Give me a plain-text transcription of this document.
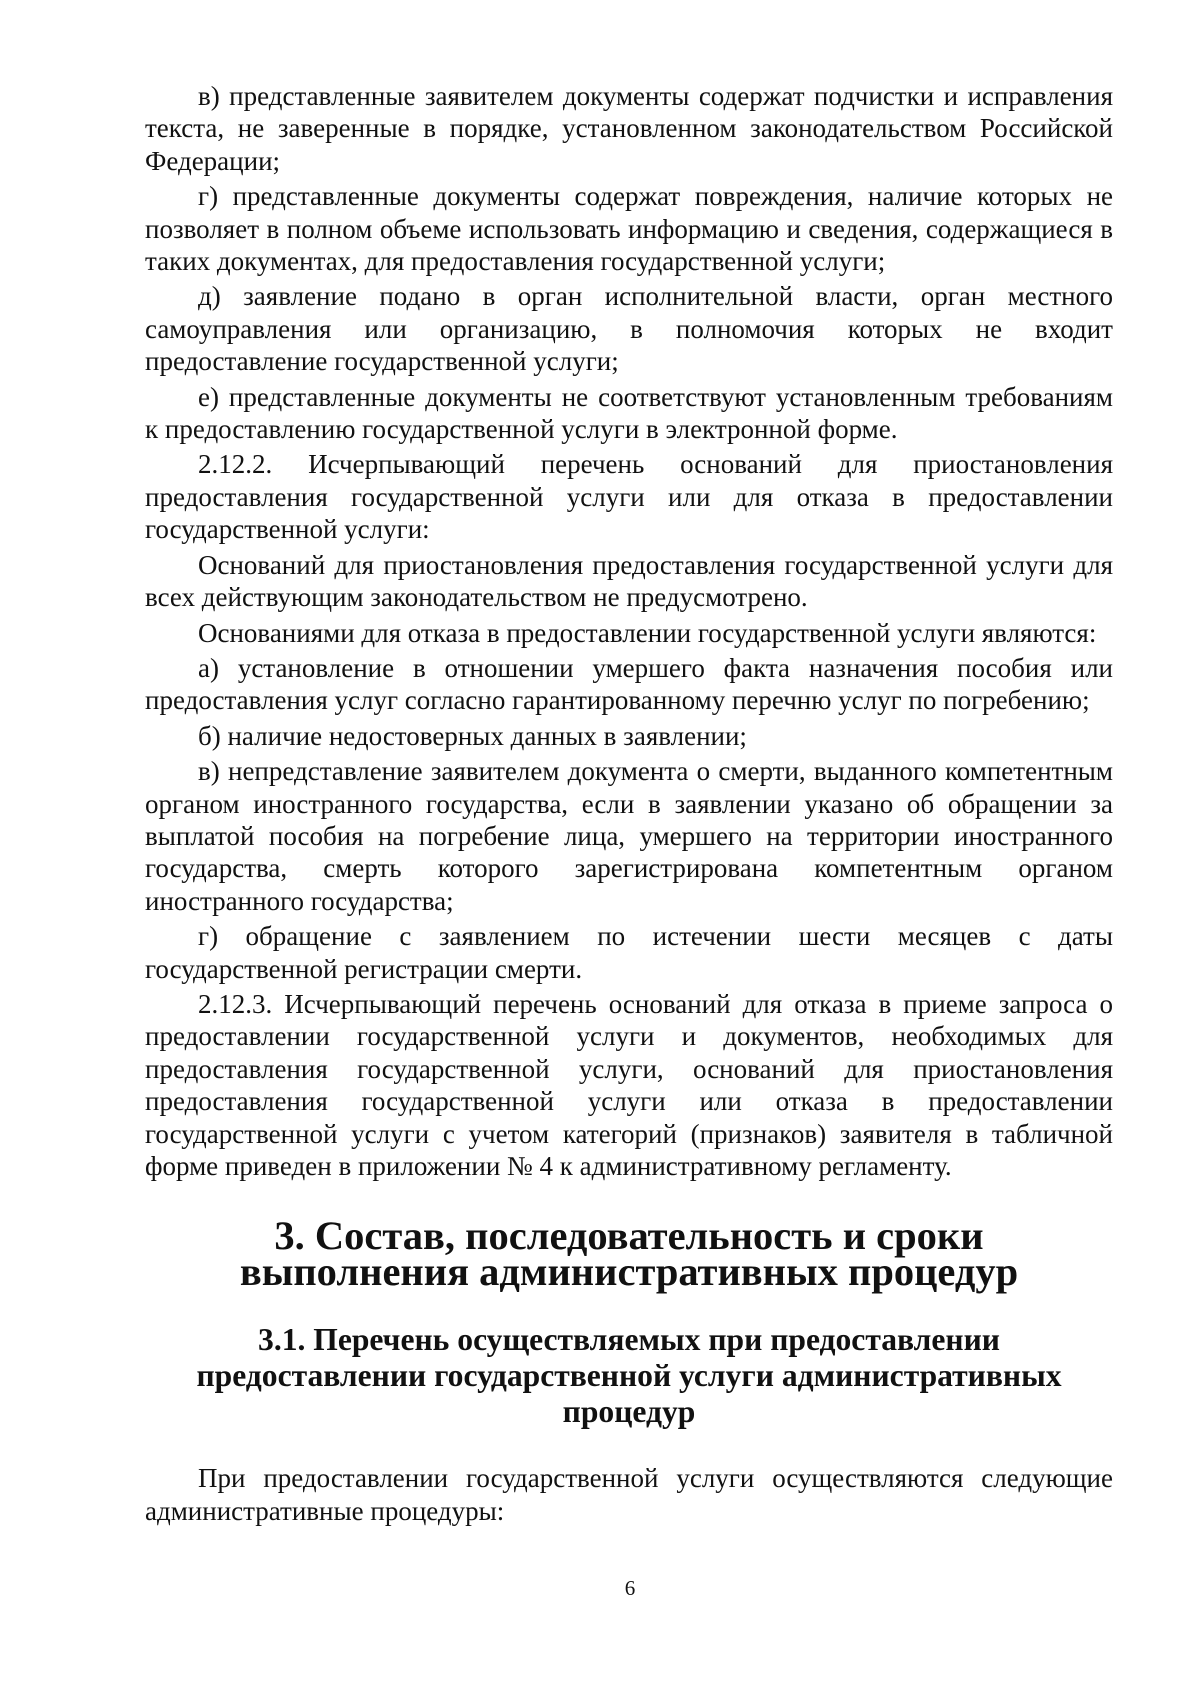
в) представленные заявителем документы содержат подчистки и исправления текста, не заверенные в порядке, установленном законодательством Российской Федерации;

г) представленные документы содержат повреждения, наличие которых не позволяет в полном объеме использовать информацию и сведения, содержащиеся в таких документах, для предоставления государственной услуги;

д) заявление подано в орган исполнительной власти, орган местного самоуправления или организацию, в полномочия которых не входит предоставление государственной услуги;

е) представленные документы не соответствуют установленным требованиям к предоставлению государственной услуги в электронной форме.

2.12.2. Исчерпывающий перечень оснований для приостановления предоставления государственной услуги или для отказа в предоставлении государственной услуги:

Оснований для приостановления предоставления государственной услуги для всех действующим законодательством не предусмотрено.

Основаниями для отказа в предоставлении государственной услуги являются:

а) установление в отношении умершего факта назначения пособия или предоставления услуг согласно гарантированному перечню услуг по погребению;

б) наличие недостоверных данных в заявлении;

в) непредставление заявителем документа о смерти, выданного компетентным органом иностранного государства, если в заявлении указано об обращении за выплатой пособия на погребение лица, умершего на территории иностранного государства, смерть которого зарегистрирована компетентным органом иностранного государства;

г) обращение с заявлением по истечении шести месяцев с даты государственной регистрации смерти.

2.12.3. Исчерпывающий перечень оснований для отказа в приеме запроса о предоставлении государственной услуги и документов, необходимых для предоставления государственной услуги, оснований для приостановления предоставления государственной услуги или отказа в предоставлении государственной услуги с учетом категорий (признаков) заявителя в табличной форме приведен в приложении № 4 к административному регламенту.

3. Состав, последовательность и сроки
выполнения административных процедур
3.1. Перечень осуществляемых при предоставлении
предоставлении государственной услуги административных процедур

При предоставлении государственной услуги осуществляются следующие административные процедуры:

6
